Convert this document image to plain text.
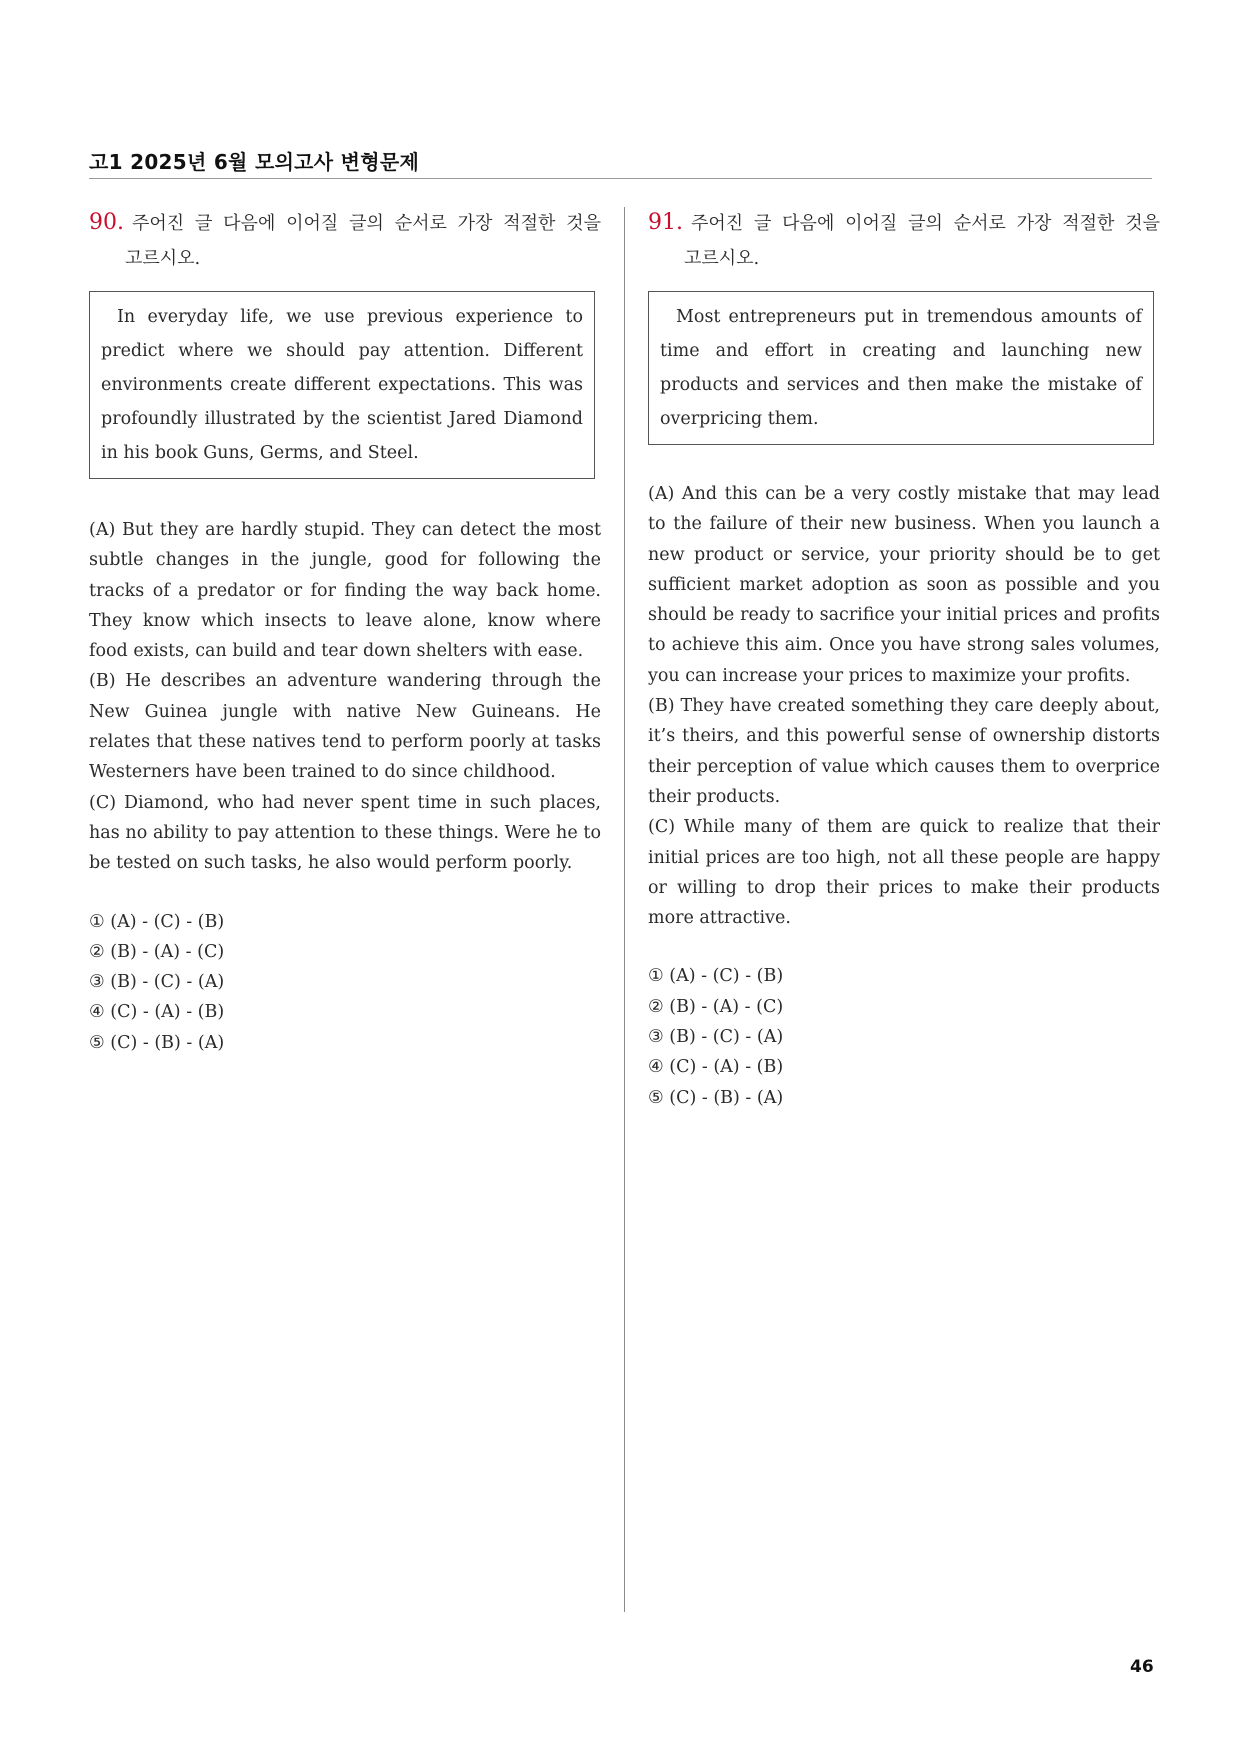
고1 2025년 6월 모의고사 변형문제
90. 주어진 글 다음에 이어질 글의 순서로 가장 적절한 것을
고르시오.

In everyday life, we use previous experience to predict where we should pay attention. Different environments create different expectations. This was profoundly illustrated by the scientist Jared Diamond in his book Guns, Germs, and Steel.

(A) But they are hardly stupid. They can detect the most subtle changes in the jungle, good for following the tracks of a predator or for finding the way back home. They know which insects to leave alone, know where food exists, can build and tear down shelters with ease.

(B) He describes an adventure wandering through the New Guinea jungle with native New Guineans. He relates that these natives tend to perform poorly at tasks Westerners have been trained to do since childhood.

(C) Diamond, who had never spent time in such places, has no ability to pay attention to these things. Were he to be tested on such tasks, he also would perform poorly.

① (A) - (C) - (B)
② (B) - (A) - (C)
③ (B) - (C) - (A)
④ (C) - (A) - (B)
⑤ (C) - (B) - (A)
91. 주어진 글 다음에 이어질 글의 순서로 가장 적절한 것을
고르시오.

Most entrepreneurs put in tremendous amounts of time and effort in creating and launching new products and services and then make the mistake of overpricing them.

(A) And this can be a very costly mistake that may lead to the failure of their new business. When you launch a new product or service, your priority should be to get sufficient market adoption as soon as possible and you should be ready to sacrifice your initial prices and profits to achieve this aim. Once you have strong sales volumes, you can increase your prices to maximize your profits.

(B) They have created something they care deeply about, it’s theirs, and this powerful sense of ownership distorts their perception of value which causes them to overprice their products.

(C) While many of them are quick to realize that their initial prices are too high, not all these people are happy or willing to drop their prices to make their products more attractive.

① (A) - (C) - (B)
② (B) - (A) - (C)
③ (B) - (C) - (A)
④ (C) - (A) - (B)
⑤ (C) - (B) - (A)
46
